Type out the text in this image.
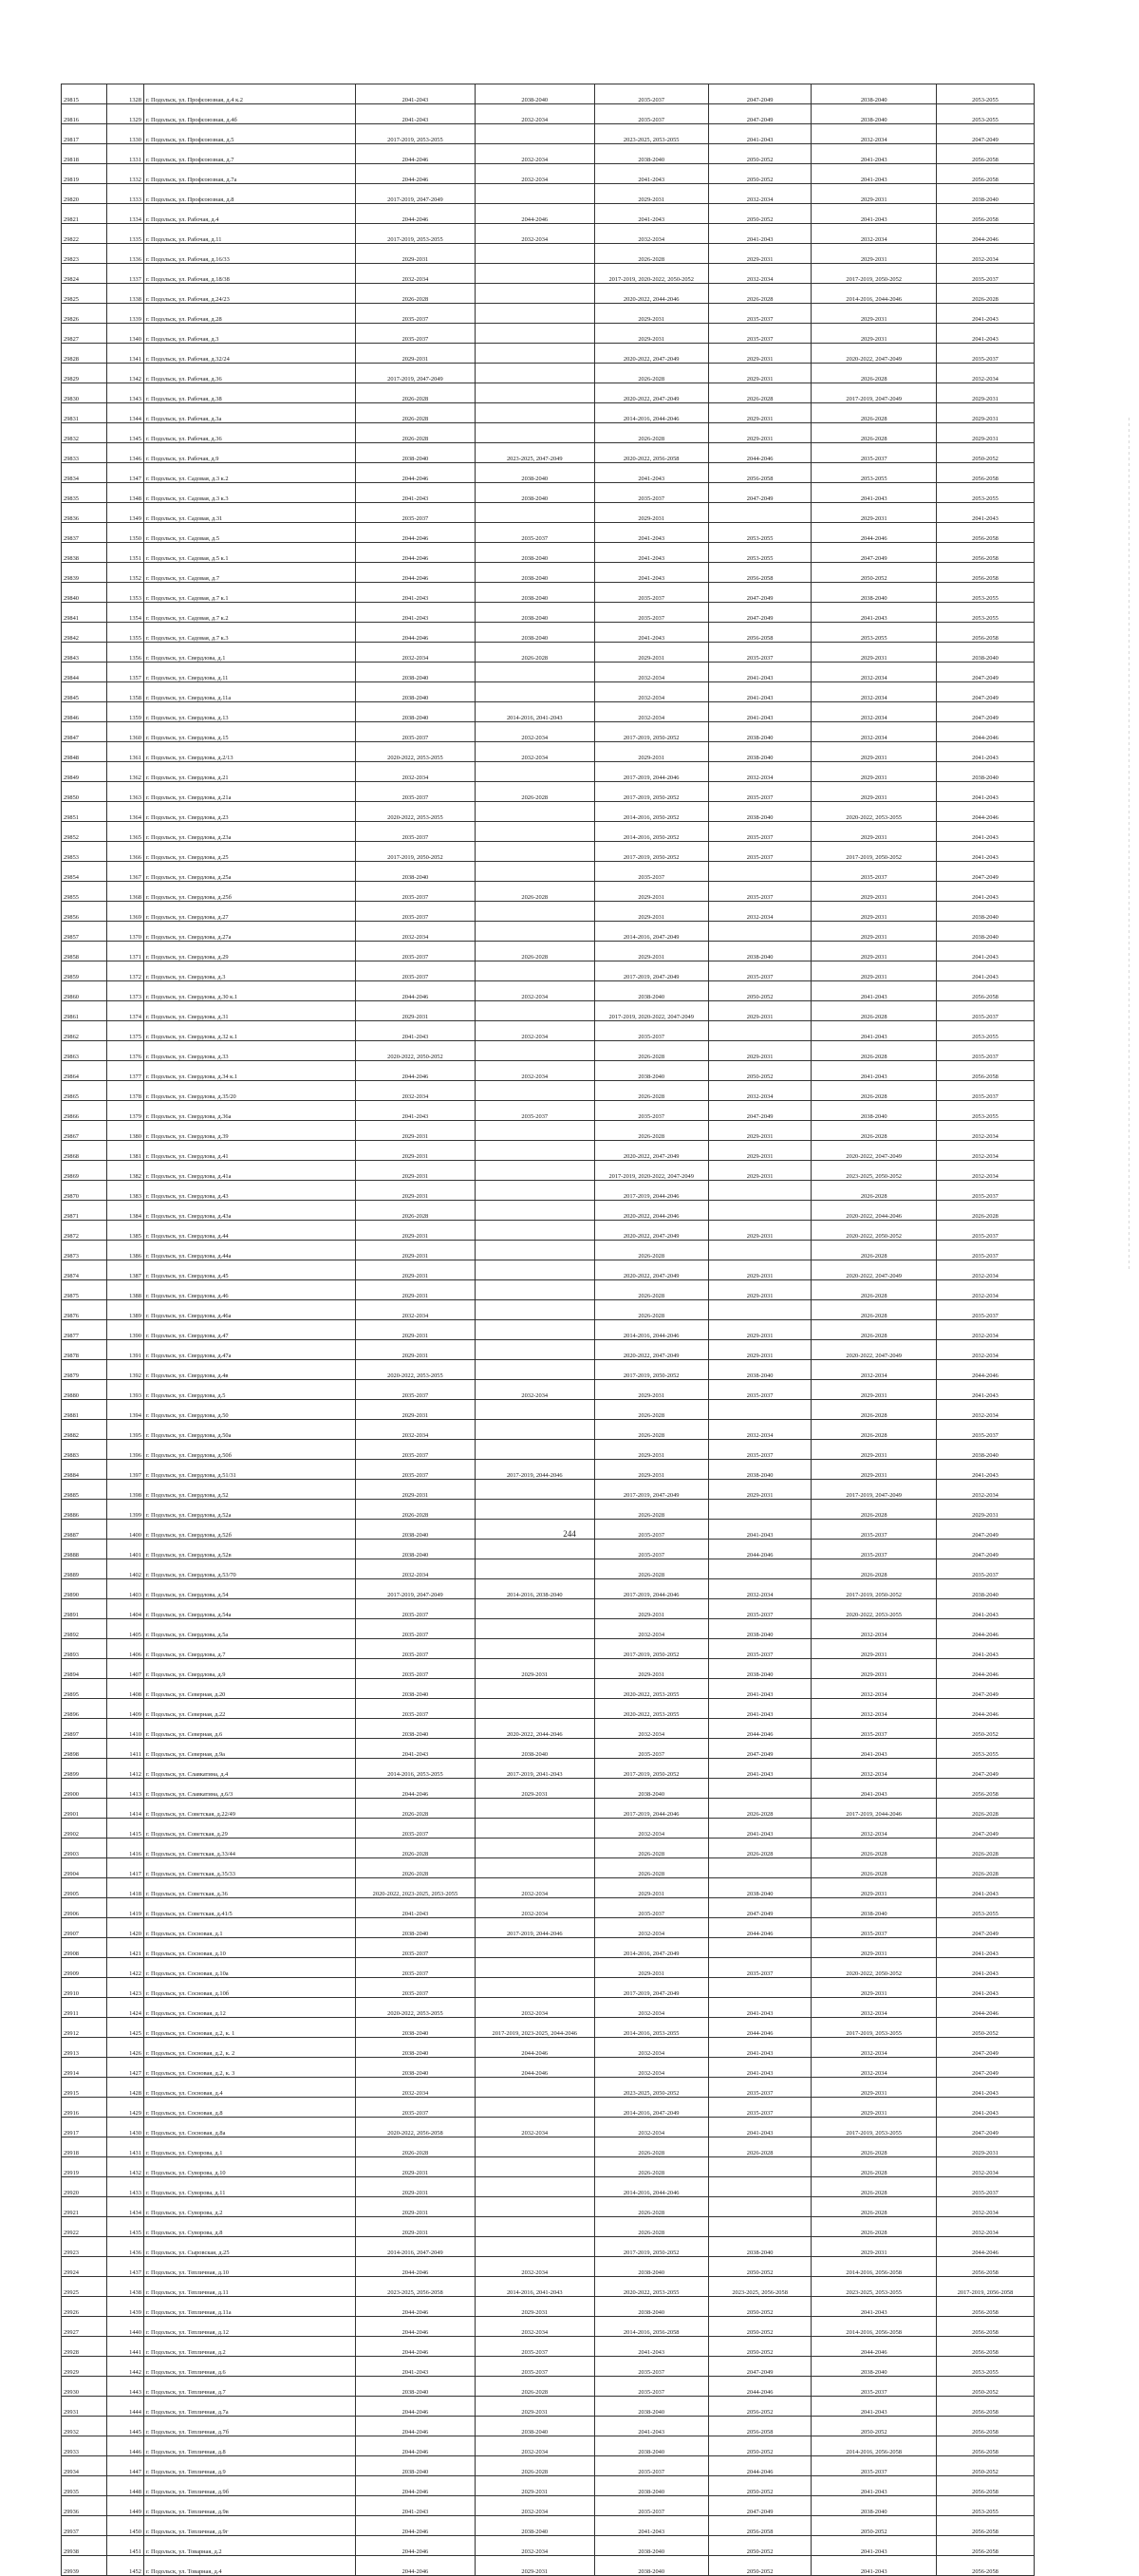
29815	1328	г. Подольск, ул. Профсоюзная, д.4 к.2	2041-2043	2038-2040	2035-2037	2047-2049	2038-2040	2053-2055
29816	1329	г. Подольск, ул. Профсоюзная, д.4б	2041-2043	2032-2034	2035-2037	2047-2049	2038-2040	2053-2055
29817	1330	г. Подольск, ул. Профсоюзная, д.5	2017-2019, 2053-2055		2023-2025, 2053-2055	2041-2043	2032-2034	2047-2049
29818	1331	г. Подольск, ул. Профсоюзная, д.7	2044-2046	2032-2034	2038-2040	2050-2052	2041-2043	2056-2058
29819	1332	г. Подольск, ул. Профсоюзная, д.7а	2044-2046	2032-2034	2041-2043	2050-2052	2041-2043	2056-2058
29820	1333	г. Подольск, ул. Профсоюзная, д.8	2017-2019, 2047-2049		2029-2031	2032-2034	2029-2031	2038-2040
29821	1334	г. Подольск, ул. Рабочая, д.4	2044-2046	2044-2046	2041-2043	2050-2052	2041-2043	2056-2058
29822	1335	г. Подольск, ул. Рабочая, д.11	2017-2019, 2053-2055	2032-2034	2032-2034	2041-2043	2032-2034	2044-2046
29823	1336	г. Подольск, ул. Рабочая, д.16/33	2029-2031		2026-2028	2029-2031	2029-2031	2032-2034
29824	1337	г. Подольск, ул. Рабочая, д.18/38	2032-2034		2017-2019, 2020-2022, 2050-2052	2032-2034	2017-2019, 2050-2052	2035-2037
29825	1338	г. Подольск, ул. Рабочая, д.24/23	2026-2028		2020-2022, 2044-2046	2026-2028	2014-2016, 2044-2046	2026-2028
29826	1339	г. Подольск, ул. Рабочая, д.28	2035-2037		2029-2031	2035-2037	2029-2031	2041-2043
29827	1340	г. Подольск, ул. Рабочая, д.3	2035-2037		2029-2031	2035-2037	2029-2031	2041-2043
29828	1341	г. Подольск, ул. Рабочая, д.32/24	2029-2031		2020-2022, 2047-2049	2029-2031	2020-2022, 2047-2049	2035-2037
29829	1342	г. Подольск, ул. Рабочая, д.36	2017-2019, 2047-2049		2026-2028	2029-2031	2026-2028	2032-2034
29830	1343	г. Подольск, ул. Рабочая, д.38	2026-2028		2020-2022, 2047-2049	2026-2028	2017-2019, 2047-2049	2029-2031
29831	1344	г. Подольск, ул. Рабочая, д.3а	2026-2028		2014-2016, 2044-2046	2029-2031	2026-2028	2029-2031
29832	1345	г. Подольск, ул. Рабочая, д.36	2026-2028		2026-2028	2029-2031	2026-2028	2029-2031
29833	1346	г. Подольск, ул. Рабочая, д.9	2038-2040	2023-2025, 2047-2049	2020-2022, 2056-2058	2044-2046	2035-2037	2050-2052
29834	1347	г. Подольск, ул. Садовая, д.3 к.2	2044-2046	2038-2040	2041-2043	2056-2058	2053-2055	2056-2058
29835	1348	г. Подольск, ул. Садовая, д.3 к.3	2041-2043	2038-2040	2035-2037	2047-2049	2041-2043	2053-2055
29836	1349	г. Подольск, ул. Садовая, д.31	2035-2037		2029-2031		2029-2031	2041-2043
29837	1350	г. Подольск, ул. Садовая, д.5	2044-2046	2035-2037	2041-2043	2053-2055	2044-2046	2056-2058
29838	1351	г. Подольск, ул. Садовая, д.5 к.1	2044-2046	2038-2040	2041-2043	2053-2055	2047-2049	2056-2058
29839	1352	г. Подольск, ул. Садовая, д.7	2044-2046	2038-2040	2041-2043	2056-2058	2050-2052	2056-2058
29840	1353	г. Подольск, ул. Садовая, д.7 к.1	2041-2043	2038-2040	2035-2037	2047-2049	2038-2040	2053-2055
29841	1354	г. Подольск, ул. Садовая, д.7 к.2	2041-2043	2038-2040	2035-2037	2047-2049	2041-2043	2053-2055
29842	1355	г. Подольск, ул. Садовая, д.7 к.3	2044-2046	2038-2040	2041-2043	2056-2058	2053-2055	2056-2058
29843	1356	г. Подольск, ул. Свердлова, д.1	2032-2034	2026-2028	2029-2031	2035-2037	2029-2031	2038-2040
29844	1357	г. Подольск, ул. Свердлова, д.11	2038-2040		2032-2034	2041-2043	2032-2034	2047-2049
29845	1358	г. Подольск, ул. Свердлова, д.11а	2038-2040		2032-2034	2041-2043	2032-2034	2047-2049
29846	1359	г. Подольск, ул. Свердлова, д.13	2038-2040	2014-2016, 2041-2043	2032-2034	2041-2043	2032-2034	2047-2049
29847	1360	г. Подольск, ул. Свердлова, д.15	2035-2037	2032-2034	2017-2019, 2050-2052	2038-2040	2032-2034	2044-2046
29848	1361	г. Подольск, ул. Свердлова, д.2/13	2020-2022, 2053-2055	2032-2034	2029-2031	2038-2040	2029-2031	2041-2043
29849	1362	г. Подольск, ул. Свердлова, д.21	2032-2034		2017-2019, 2044-2046	2032-2034	2029-2031	2038-2040
29850	1363	г. Подольск, ул. Свердлова, д.21а	2035-2037	2026-2028	2017-2019, 2050-2052	2035-2037	2029-2031	2041-2043
29851	1364	г. Подольск, ул. Свердлова, д.23	2020-2022, 2053-2055		2014-2016, 2050-2052	2038-2040	2020-2022, 2053-2055	2044-2046
29852	1365	г. Подольск, ул. Свердлова, д.23а	2035-2037		2014-2016, 2050-2052	2035-2037	2029-2031	2041-2043
29853	1366	г. Подольск, ул. Свердлова, д.25	2017-2019, 2050-2052		2017-2019, 2050-2052	2035-2037	2017-2019, 2050-2052	2041-2043
29854	1367	г. Подольск, ул. Свердлова, д.25а	2038-2040		2035-2037		2035-2037	2047-2049
29855	1368	г. Подольск, ул. Свердлова, д.25б	2035-2037	2026-2028	2029-2031	2035-2037	2029-2031	2041-2043
29856	1369	г. Подольск, ул. Свердлова, д.27	2035-2037		2029-2031	2032-2034	2029-2031	2038-2040
29857	1370	г. Подольск, ул. Свердлова, д.27а	2032-2034		2014-2016, 2047-2049		2029-2031	2038-2040
29858	1371	г. Подольск, ул. Свердлова, д.29	2035-2037	2026-2028	2029-2031	2038-2040	2029-2031	2041-2043
29859	1372	г. Подольск, ул. Свердлова, д.3	2035-2037		2017-2019, 2047-2049	2035-2037	2029-2031	2041-2043
29860	1373	г. Подольск, ул. Свердлова, д.30 к.1	2044-2046	2032-2034	2038-2040	2050-2052	2041-2043	2056-2058
29861	1374	г. Подольск, ул. Свердлова, д.31	2029-2031		2017-2019, 2020-2022, 2047-2049	2029-2031	2026-2028	2035-2037
29862	1375	г. Подольск, ул. Свердлова, д.32 к.1	2041-2043	2032-2034	2035-2037		2041-2043	2053-2055
29863	1376	г. Подольск, ул. Свердлова, д.33	2020-2022, 2050-2052		2026-2028	2029-2031	2026-2028	2035-2037
29864	1377	г. Подольск, ул. Свердлова, д.34 к.1	2044-2046	2032-2034	2038-2040	2050-2052	2041-2043	2056-2058
29865	1378	г. Подольск, ул. Свердлова, д.35/20	2032-2034		2026-2028	2032-2034	2026-2028	2035-2037
29866	1379	г. Подольск, ул. Свердлова, д.36а	2041-2043	2035-2037	2035-2037	2047-2049	2038-2040	2053-2055
29867	1380	г. Подольск, ул. Свердлова, д.39	2029-2031		2026-2028	2029-2031	2026-2028	2032-2034
29868	1381	г. Подольск, ул. Свердлова, д.41	2029-2031		2020-2022, 2047-2049	2029-2031	2020-2022, 2047-2049	2032-2034
29869	1382	г. Подольск, ул. Свердлова, д.41а	2029-2031		2017-2019, 2020-2022, 2047-2049	2029-2031	2023-2025, 2050-2052	2032-2034
29870	1383	г. Подольск, ул. Свердлова, д.43	2029-2031		2017-2019, 2044-2046		2026-2028	2035-2037
29871	1384	г. Подольск, ул. Свердлова, д.43а	2026-2028		2020-2022, 2044-2046		2020-2022, 2044-2046	2026-2028
29872	1385	г. Подольск, ул. Свердлова, д.44	2029-2031		2020-2022, 2047-2049	2029-2031	2020-2022, 2050-2052	2035-2037
29873	1386	г. Подольск, ул. Свердлова, д.44а	2029-2031		2026-2028		2026-2028	2035-2037
29874	1387	г. Подольск, ул. Свердлова, д.45	2029-2031		2020-2022, 2047-2049	2029-2031	2020-2022, 2047-2049	2032-2034
29875	1388	г. Подольск, ул. Свердлова, д.46	2029-2031		2026-2028	2029-2031	2026-2028	2032-2034
29876	1389	г. Подольск, ул. Свердлова, д.46а	2032-2034		2026-2028		2026-2028	2035-2037
29877	1390	г. Подольск, ул. Свердлова, д.47	2029-2031		2014-2016, 2044-2046	2029-2031	2026-2028	2032-2034
29878	1391	г. Подольск, ул. Свердлова, д.47а	2029-2031		2020-2022, 2047-2049	2029-2031	2020-2022, 2047-2049	2032-2034
29879	1392	г. Подольск, ул. Свердлова, д.4в	2020-2022, 2053-2055		2017-2019, 2050-2052	2038-2040	2032-2034	2044-2046
29880	1393	г. Подольск, ул. Свердлова, д.5	2035-2037	2032-2034	2029-2031	2035-2037	2029-2031	2041-2043
29881	1394	г. Подольск, ул. Свердлова, д.50	2029-2031		2026-2028		2026-2028	2032-2034
29882	1395	г. Подольск, ул. Свердлова, д.50а	2032-2034		2026-2028	2032-2034	2026-2028	2035-2037
29883	1396	г. Подольск, ул. Свердлова, д.50б	2035-2037		2029-2031	2035-2037	2029-2031	2038-2040
29884	1397	г. Подольск, ул. Свердлова, д.51/31	2035-2037	2017-2019, 2044-2046	2029-2031	2038-2040	2029-2031	2041-2043
29885	1398	г. Подольск, ул. Свердлова, д.52	2029-2031		2017-2019, 2047-2049	2029-2031	2017-2019, 2047-2049	2032-2034
29886	1399	г. Подольск, ул. Свердлова, д.52а	2026-2028		2026-2028		2026-2028	2029-2031
29887	1400	г. Подольск, ул. Свердлова, д.52б	2038-2040		2035-2037	2041-2043	2035-2037	2047-2049
29888	1401	г. Подольск, ул. Свердлова, д.52в	2038-2040		2035-2037	2044-2046	2035-2037	2047-2049
29889	1402	г. Подольск, ул. Свердлова, д.53/70	2032-2034		2026-2028		2026-2028	2035-2037
29890	1403	г. Подольск, ул. Свердлова, д.54	2017-2019, 2047-2049	2014-2016, 2038-2040	2017-2019, 2044-2046	2032-2034	2017-2019, 2050-2052	2038-2040
29891	1404	г. Подольск, ул. Свердлова, д.54а	2035-2037		2029-2031	2035-2037	2020-2022, 2053-2055	2041-2043
29892	1405	г. Подольск, ул. Свердлова, д.5а	2035-2037		2032-2034	2038-2040	2032-2034	2044-2046
29893	1406	г. Подольск, ул. Свердлова, д.7	2035-2037		2017-2019, 2050-2052	2035-2037	2029-2031	2041-2043
29894	1407	г. Подольск, ул. Свердлова, д.9	2035-2037	2029-2031	2029-2031	2038-2040	2029-2031	2044-2046
29895	1408	г. Подольск, ул. Северная, д.20	2038-2040		2020-2022, 2053-2055	2041-2043	2032-2034	2047-2049
29896	1409	г. Подольск, ул. Северная, д.22	2035-2037		2020-2022, 2053-2055	2041-2043	2032-2034	2044-2046
29897	1410	г. Подольск, ул. Северная, д.6	2038-2040	2020-2022, 2044-2046	2032-2034	2044-2046	2035-2037	2050-2052
29898	1411	г. Подольск, ул. Северная, д.9а	2041-2043	2038-2040	2035-2037	2047-2049	2041-2043	2053-2055
29899	1412	г. Подольск, ул. Славкатина, д.4	2014-2016, 2053-2055	2017-2019, 2041-2043	2017-2019, 2050-2052	2041-2043	2032-2034	2047-2049
29900	1413	г. Подольск, ул. Славкатина, д.6/3	2044-2046	2029-2031	2038-2040		2041-2043	2056-2058
29901	1414	г. Подольск, ул. Советская, д.22/49	2026-2028		2017-2019, 2044-2046	2026-2028	2017-2019, 2044-2046	2026-2028
29902	1415	г. Подольск, ул. Советская, д.29	2035-2037		2032-2034	2041-2043	2032-2034	2047-2049
29903	1416	г. Подольск, ул. Советская, д.33/44	2026-2028		2026-2028	2026-2028	2026-2028	2026-2028
29904	1417	г. Подольск, ул. Советская, д.35/33	2026-2028		2026-2028		2026-2028	2026-2028
29905	1418	г. Подольск, ул. Советская, д.36	2020-2022, 2023-2025, 2053-2055	2032-2034	2029-2031	2038-2040	2029-2031	2041-2043
29906	1419	г. Подольск, ул. Советская, д.41/5	2041-2043	2032-2034	2035-2037	2047-2049	2038-2040	2053-2055
29907	1420	г. Подольск, ул. Сосновая, д.1	2038-2040	2017-2019, 2044-2046	2032-2034	2044-2046	2035-2037	2047-2049
29908	1421	г. Подольск, ул. Сосновая, д.10	2035-2037		2014-2016, 2047-2049		2029-2031	2041-2043
29909	1422	г. Подольск, ул. Сосновая, д.10а	2035-2037		2029-2031	2035-2037	2020-2022, 2050-2052	2041-2043
29910	1423	г. Подольск, ул. Сосновая, д.10б	2035-2037		2017-2019, 2047-2049		2029-2031	2041-2043
29911	1424	г. Подольск, ул. Сосновая, д.12	2020-2022, 2053-2055	2032-2034	2032-2034	2041-2043	2032-2034	2044-2046
29912	1425	г. Подольск, ул. Сосновая, д.2, к. 1	2038-2040	2017-2019, 2023-2025, 2044-2046	2014-2016, 2053-2055	2044-2046	2017-2019, 2053-2055	2050-2052
29913	1426	г. Подольск, ул. Сосновая, д.2, к. 2	2038-2040	2044-2046	2032-2034	2041-2043	2032-2034	2047-2049
29914	1427	г. Подольск, ул. Сосновая, д.2, к. 3	2038-2040	2044-2046	2032-2034	2041-2043	2032-2034	2047-2049
29915	1428	г. Подольск, ул. Сосновая, д.4	2032-2034		2023-2025, 2050-2052	2035-2037	2029-2031	2041-2043
29916	1429	г. Подольск, ул. Сосновая, д.8	2035-2037		2014-2016, 2047-2049	2035-2037	2029-2031	2041-2043
29917	1430	г. Подольск, ул. Сосновая, д.8а	2020-2022, 2056-2058	2032-2034	2032-2034	2041-2043	2017-2019, 2053-2055	2047-2049
29918	1431	г. Подольск, ул. Суворова, д.1	2026-2028		2026-2028	2026-2028	2026-2028	2029-2031
29919	1432	г. Подольск, ул. Суворова, д.10	2029-2031		2026-2028		2026-2028	2032-2034
29920	1433	г. Подольск, ул. Суворова, д.11	2029-2031		2014-2016, 2044-2046		2026-2028	2035-2037
29921	1434	г. Подольск, ул. Суворова, д.2	2029-2031		2026-2028		2026-2028	2032-2034
29922	1435	г. Подольск, ул. Суворова, д.8	2029-2031		2026-2028		2026-2028	2032-2034
29923	1436	г. Подольск, ул. Сыровская, д.25	2014-2016, 2047-2049		2017-2019, 2050-2052	2038-2040	2029-2031	2044-2046
29924	1437	г. Подольск, ул. Тепличная, д.10	2044-2046	2032-2034	2038-2040	2050-2052	2014-2016, 2056-2058	2056-2058
29925	1438	г. Подольск, ул. Тепличная, д.11	2023-2025, 2056-2058	2014-2016, 2041-2043	2020-2022, 2053-2055	2023-2025, 2056-2058	2023-2025, 2053-2055	2017-2019, 2056-2058
29926	1439	г. Подольск, ул. Тепличная, д.11а	2044-2046	2029-2031	2038-2040	2050-2052	2041-2043	2056-2058
29927	1440	г. Подольск, ул. Тепличная, д.12	2044-2046	2032-2034	2014-2016, 2056-2058	2050-2052	2014-2016, 2056-2058	2056-2058
29928	1441	г. Подольск, ул. Тепличная, д.2	2044-2046	2035-2037	2041-2043	2050-2052	2044-2046	2056-2058
29929	1442	г. Подольск, ул. Тепличная, д.6	2041-2043	2035-2037	2035-2037	2047-2049	2038-2040	2053-2055
29930	1443	г. Подольск, ул. Тепличная, д.7	2038-2040	2026-2028	2035-2037	2044-2046	2035-2037	2050-2052
29931	1444	г. Подольск, ул. Тепличная, д.7а	2044-2046	2029-2031	2038-2040	2056-2052	2041-2043	2056-2058
29932	1445	г. Подольск, ул. Тепличная, д.7б	2044-2046	2038-2040	2041-2043	2056-2058	2050-2052	2056-2058
29933	1446	г. Подольск, ул. Тепличная, д.8	2044-2046	2032-2034	2038-2040	2050-2052	2014-2016, 2056-2058	2056-2058
29934	1447	г. Подольск, ул. Тепличная, д.9	2038-2040	2026-2028	2035-2037	2044-2046	2035-2037	2050-2052
29935	1448	г. Подольск, ул. Тепличная, д.9б	2044-2046	2029-2031	2038-2040	2050-2052	2041-2043	2056-2058
29936	1449	г. Подольск, ул. Тепличная, д.9в	2041-2043	2032-2034	2035-2037	2047-2049	2038-2040	2053-2055
29937	1450	г. Подольск, ул. Тепличная, д.9г	2044-2046	2038-2040	2041-2043	2056-2058	2050-2052	2056-2058
29938	1451	г. Подольск, ул. Товарная, д.2	2044-2046	2032-2034	2038-2040	2050-2052	2041-2043	2056-2058
29939	1452	г. Подольск, ул. Товарная, д.4	2044-2046	2029-2031	2038-2040	2050-2052	2041-2043	2056-2058
244
